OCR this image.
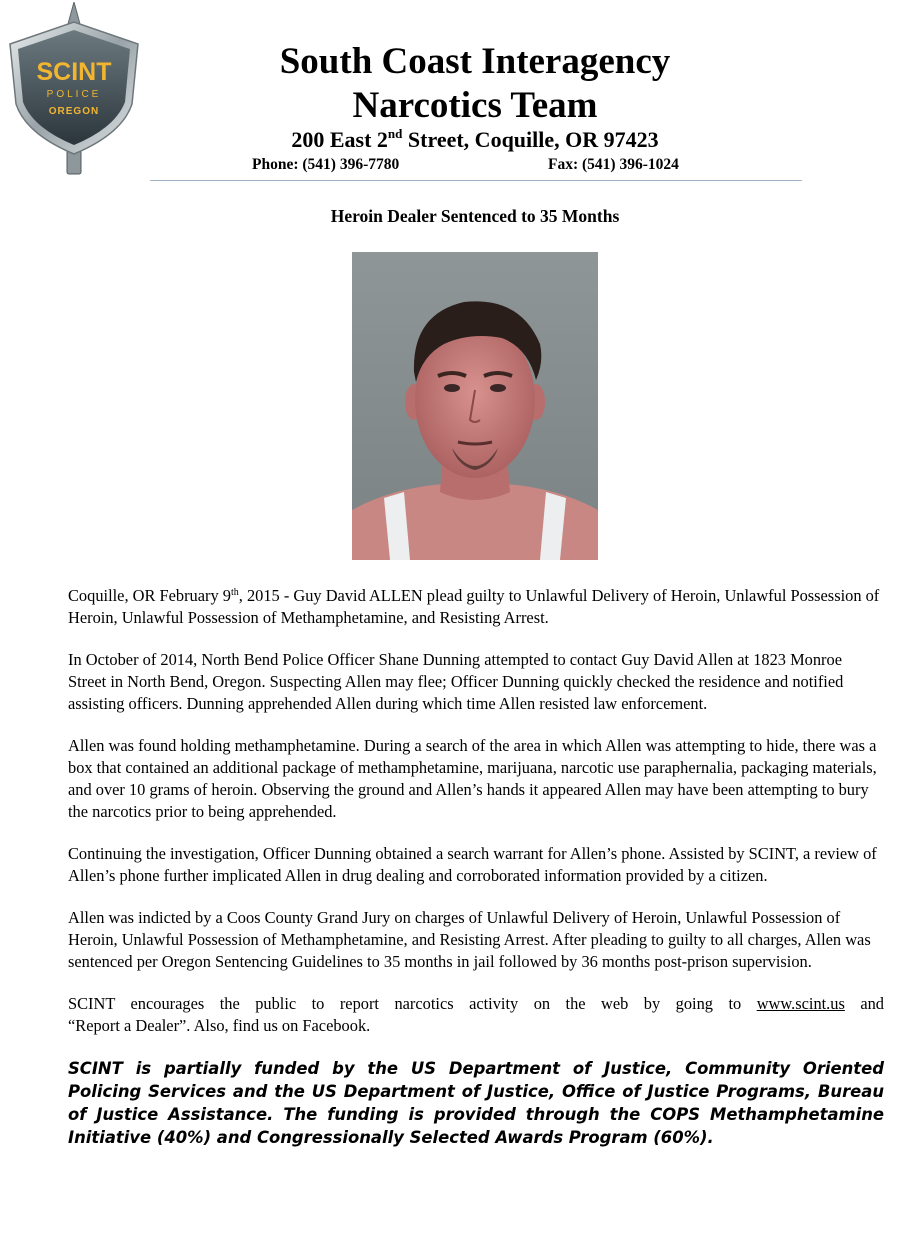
SCINT
POLICE
OREGON
South Coast Interagency
Narcotics Team
200 East 2nd Street, Coquille, OR 97423
Phone: (541) 396-7780	Fax: (541) 396-1024
Heroin Dealer Sentenced to 35 Months

Coquille, OR February 9th, 2015 - Guy David ALLEN plead guilty to Unlawful Delivery of Heroin, Unlawful Possession of Heroin, Unlawful Possession of Methamphetamine, and Resisting Arrest.

In October of 2014, North Bend Police Officer Shane Dunning attempted to contact Guy David Allen at 1823 Monroe Street in North Bend, Oregon. Suspecting Allen may flee; Officer Dunning quickly checked the residence and notified assisting officers. Dunning apprehended Allen during which time Allen resisted law enforcement.

Allen was found holding methamphetamine. During a search of the area in which Allen was attempting to hide, there was a box that contained an additional package of methamphetamine, marijuana, narcotic use paraphernalia, packaging materials, and over 10 grams of heroin. Observing the ground and Allen’s hands it appeared Allen may have been attempting to bury the narcotics prior to being apprehended.

Continuing the investigation, Officer Dunning obtained a search warrant for Allen’s phone. Assisted by SCINT, a review of Allen’s phone further implicated Allen in drug dealing and corroborated information provided by a citizen.

Allen was indicted by a Coos County Grand Jury on charges of Unlawful Delivery of Heroin, Unlawful Possession of Heroin, Unlawful Possession of Methamphetamine, and Resisting Arrest. After pleading to guilty to all charges, Allen was sentenced per Oregon Sentencing Guidelines to 35 months in jail followed by 36 months post-prison supervision.

SCINT encourages the public to report narcotics activity on the web by going to www.scint.us and
“Report a Dealer”. Also, find us on Facebook.

SCINT is partially funded by the US Department of Justice, Community Oriented Policing Services and the US Department of Justice, Office of Justice Programs, Bureau of Justice Assistance. The funding is provided through the COPS Methamphetamine Initiative (40%) and Congressionally Selected Awards Program (60%).
